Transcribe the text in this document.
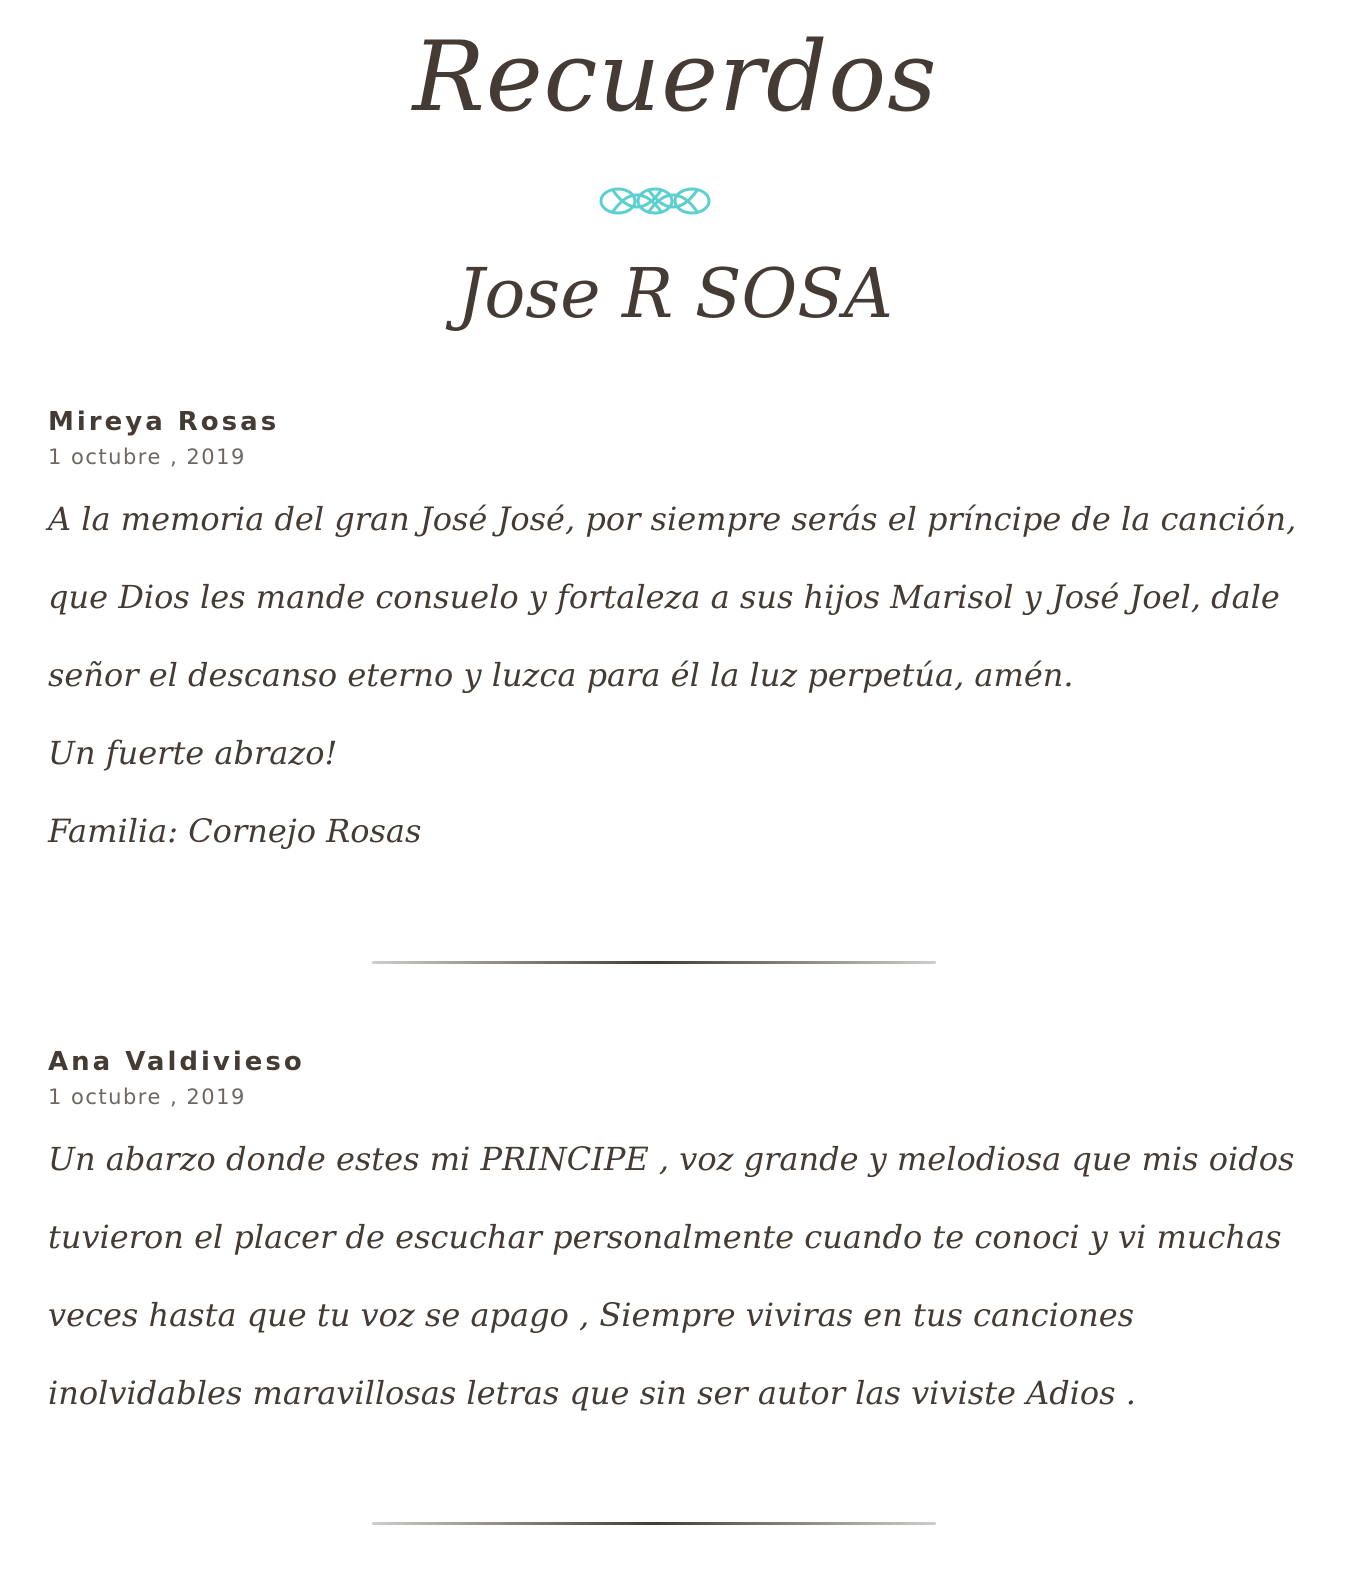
Recuerdos
Jose R SOSA

Mireya Rosas

1 octubre , 2019

A la memoria del gran José José, por siempre serás el príncipe de la canción,

que Dios les mande consuelo y fortaleza a sus hijos Marisol y José Joel, dale

señor el descanso eterno y luzca para él la luz perpetúa, amén.

Un fuerte abrazo!

Familia: Cornejo Rosas

Ana Valdivieso

1 octubre , 2019

Un abarzo donde estes mi PRINCIPE , voz grande y melodiosa que mis oidos

tuvieron el placer de escuchar personalmente cuando te conoci y vi muchas

veces hasta que tu voz se apago , Siempre viviras en tus canciones

inolvidables maravillosas letras que sin ser autor las viviste Adios .
